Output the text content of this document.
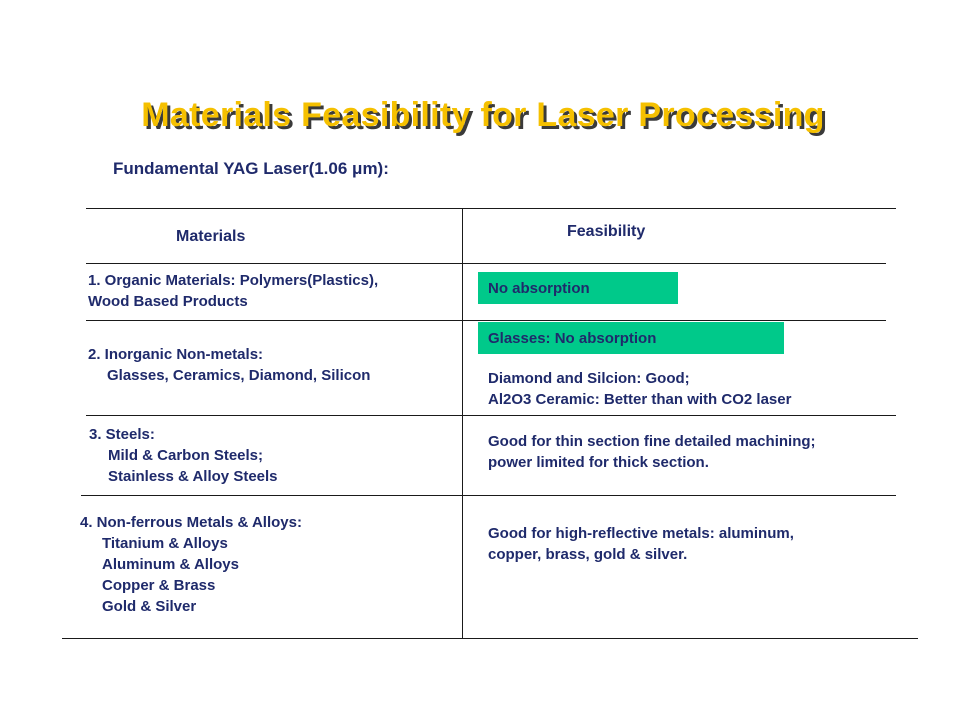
Materials Feasibility for Laser Processing
Fundamental YAG Laser(1.06 μm):
Materials	Feasibility
1. Organic Materials: Polymers(Plastics),
Wood Based Products
No absorption
2. Inorganic Non-metals:
Glasses, Ceramics, Diamond, Silicon
Glasses: No absorption
Diamond and Silcion: Good;
Al2O3 Ceramic: Better than with CO2 laser
3. Steels:
Mild & Carbon Steels;
Stainless & Alloy Steels
Good for thin section fine detailed machining;
power limited for thick section.
4. Non-ferrous Metals & Alloys:
Titanium & Alloys
Aluminum & Alloys
Copper & Brass
Gold & Silver
Good for high-reflective metals: aluminum,
copper, brass, gold & silver.
